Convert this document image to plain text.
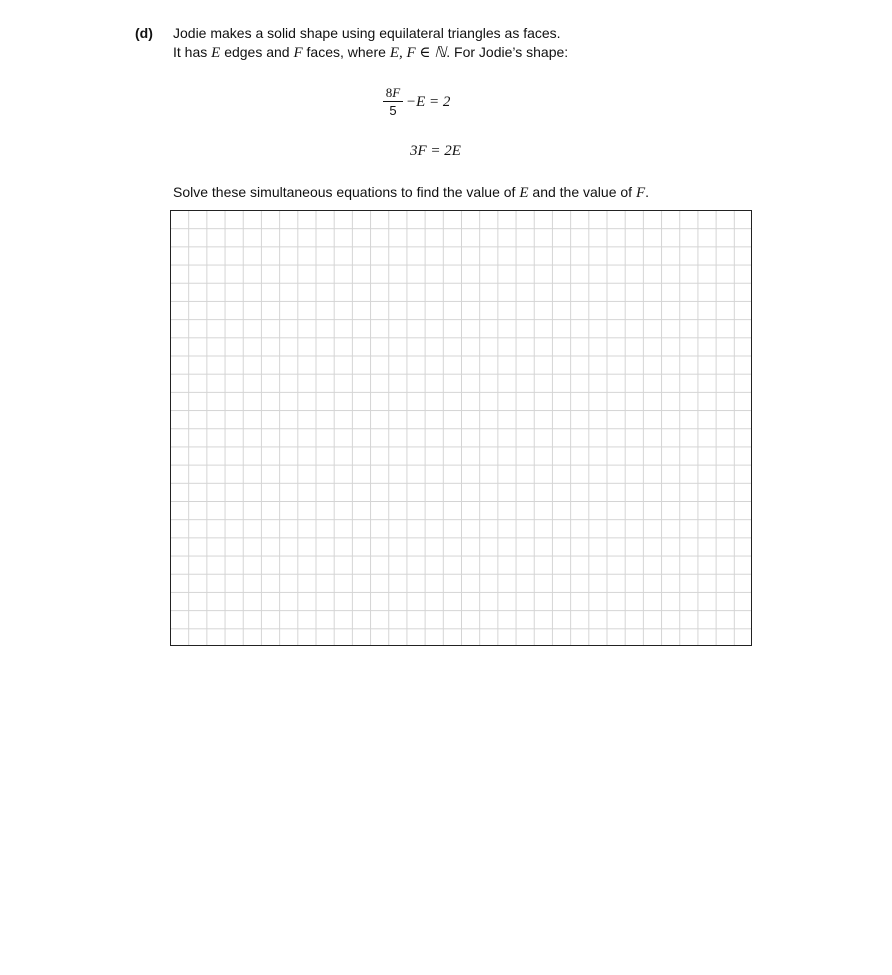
(d) Jodie makes a solid shape using equilateral triangles as faces.
It has E edges and F faces, where E, F ∈ ℕ. For Jodie’s shape:
$\frac{8F}{5} -E = 2$
3F = 2E
Solve these simultaneous equations to find the value of E and the value of F.
